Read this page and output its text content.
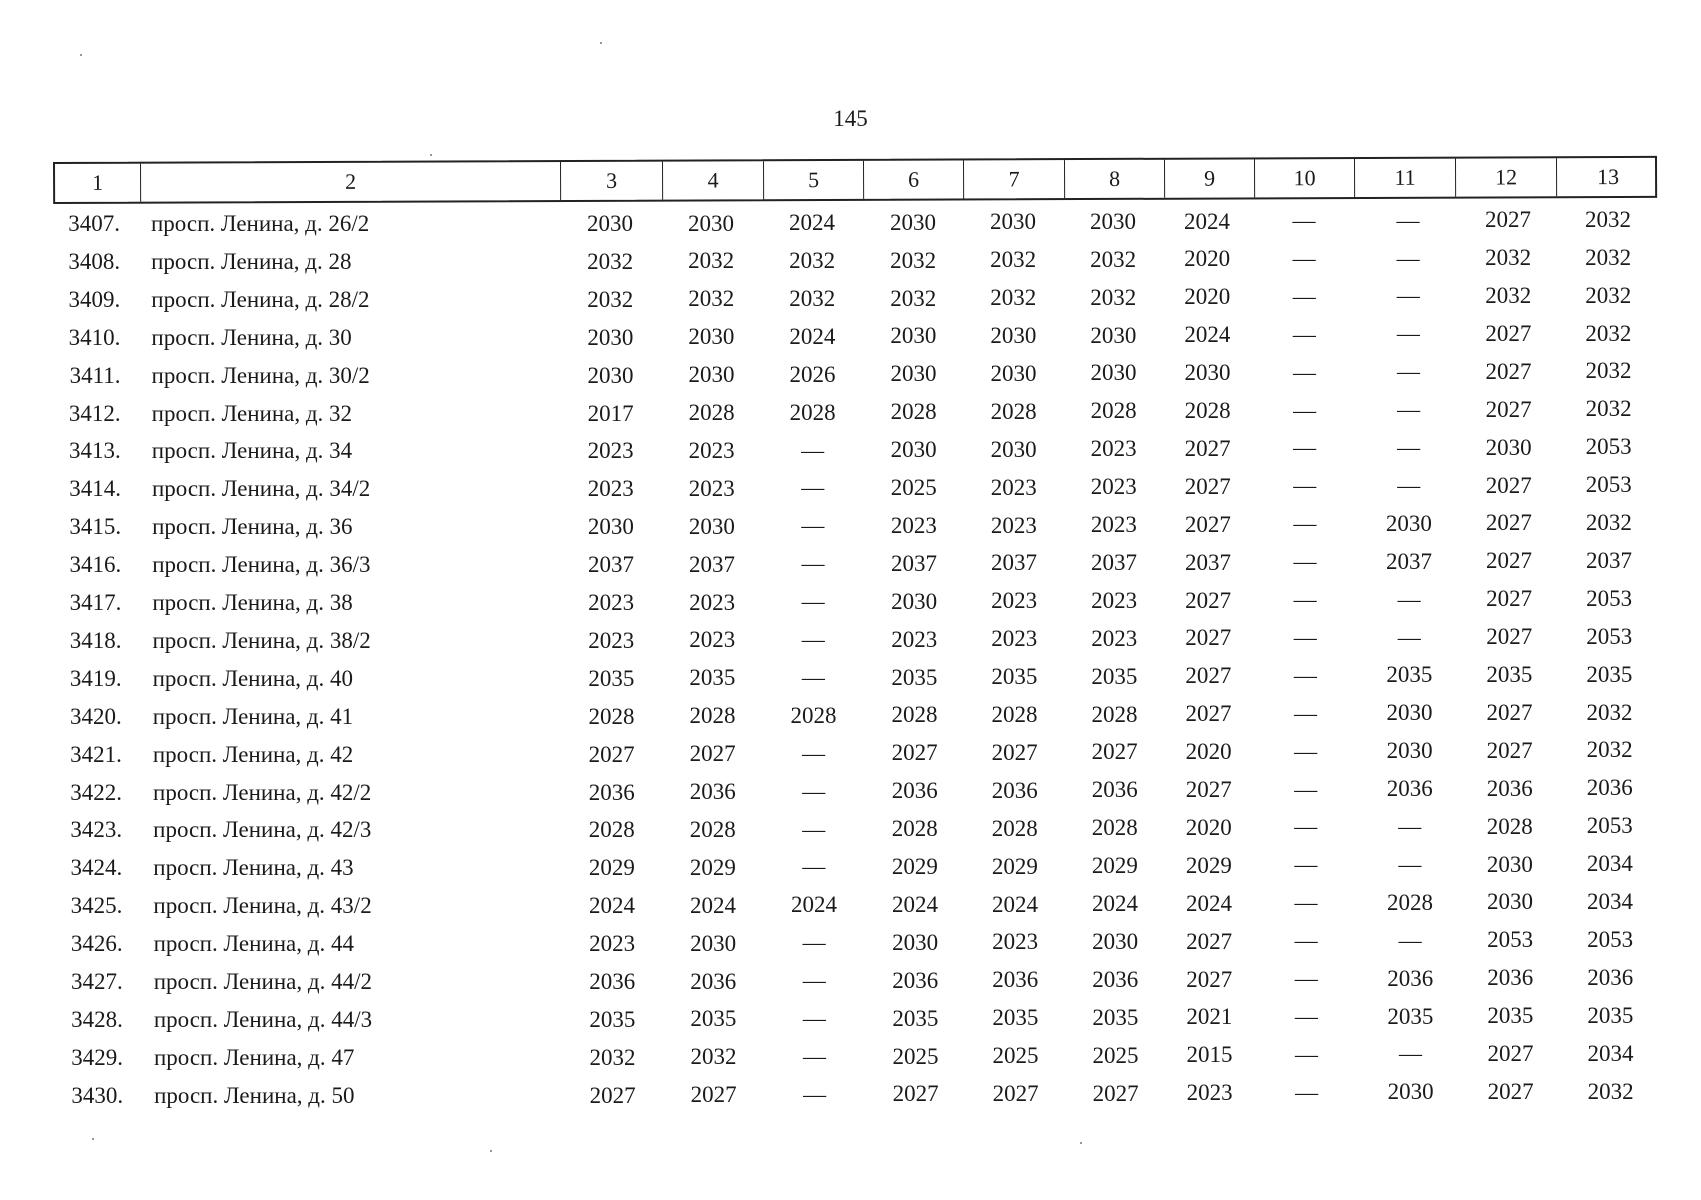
145
1	2	3	4	5	6	7	8	9	10	11	12	13
3407. просп. Ленина, д. 26/2	2030	2030	2024	2030	2030	2030	2024	—	—	2027	2032
3408. просп. Ленина, д. 28	2032	2032	2032	2032	2032	2032	2020	—	—	2032	2032
3409. просп. Ленина, д. 28/2	2032	2032	2032	2032	2032	2032	2020	—	—	2032	2032
3410. просп. Ленина, д. 30	2030	2030	2024	2030	2030	2030	2024	—	—	2027	2032
3411. просп. Ленина, д. 30/2	2030	2030	2026	2030	2030	2030	2030	—	—	2027	2032
3412. просп. Ленина, д. 32	2017	2028	2028	2028	2028	2028	2028	—	—	2027	2032
3413. просп. Ленина, д. 34	2023	2023	—	2030	2030	2023	2027	—	—	2030	2053
3414. просп. Ленина, д. 34/2	2023	2023	—	2025	2023	2023	2027	—	—	2027	2053
3415. просп. Ленина, д. 36	2030	2030	—	2023	2023	2023	2027	—	2030	2027	2032
3416. просп. Ленина, д. 36/3	2037	2037	—	2037	2037	2037	2037	—	2037	2027	2037
3417. просп. Ленина, д. 38	2023	2023	—	2030	2023	2023	2027	—	—	2027	2053
3418. просп. Ленина, д. 38/2	2023	2023	—	2023	2023	2023	2027	—	—	2027	2053
3419. просп. Ленина, д. 40	2035	2035	—	2035	2035	2035	2027	—	2035	2035	2035
3420. просп. Ленина, д. 41	2028	2028	2028	2028	2028	2028	2027	—	2030	2027	2032
3421. просп. Ленина, д. 42	2027	2027	—	2027	2027	2027	2020	—	2030	2027	2032
3422. просп. Ленина, д. 42/2	2036	2036	—	2036	2036	2036	2027	—	2036	2036	2036
3423. просп. Ленина, д. 42/3	2028	2028	—	2028	2028	2028	2020	—	—	2028	2053
3424. просп. Ленина, д. 43	2029	2029	—	2029	2029	2029	2029	—	—	2030	2034
3425. просп. Ленина, д. 43/2	2024	2024	2024	2024	2024	2024	2024	—	2028	2030	2034
3426. просп. Ленина, д. 44	2023	2030	—	2030	2023	2030	2027	—	—	2053	2053
3427. просп. Ленина, д. 44/2	2036	2036	—	2036	2036	2036	2027	—	2036	2036	2036
3428. просп. Ленина, д. 44/3	2035	2035	—	2035	2035	2035	2021	—	2035	2035	2035
3429. просп. Ленина, д. 47	2032	2032	—	2025	2025	2025	2015	—	—	2027	2034
3430. просп. Ленина, д. 50	2027	2027	—	2027	2027	2027	2023	—	2030	2027	2032
